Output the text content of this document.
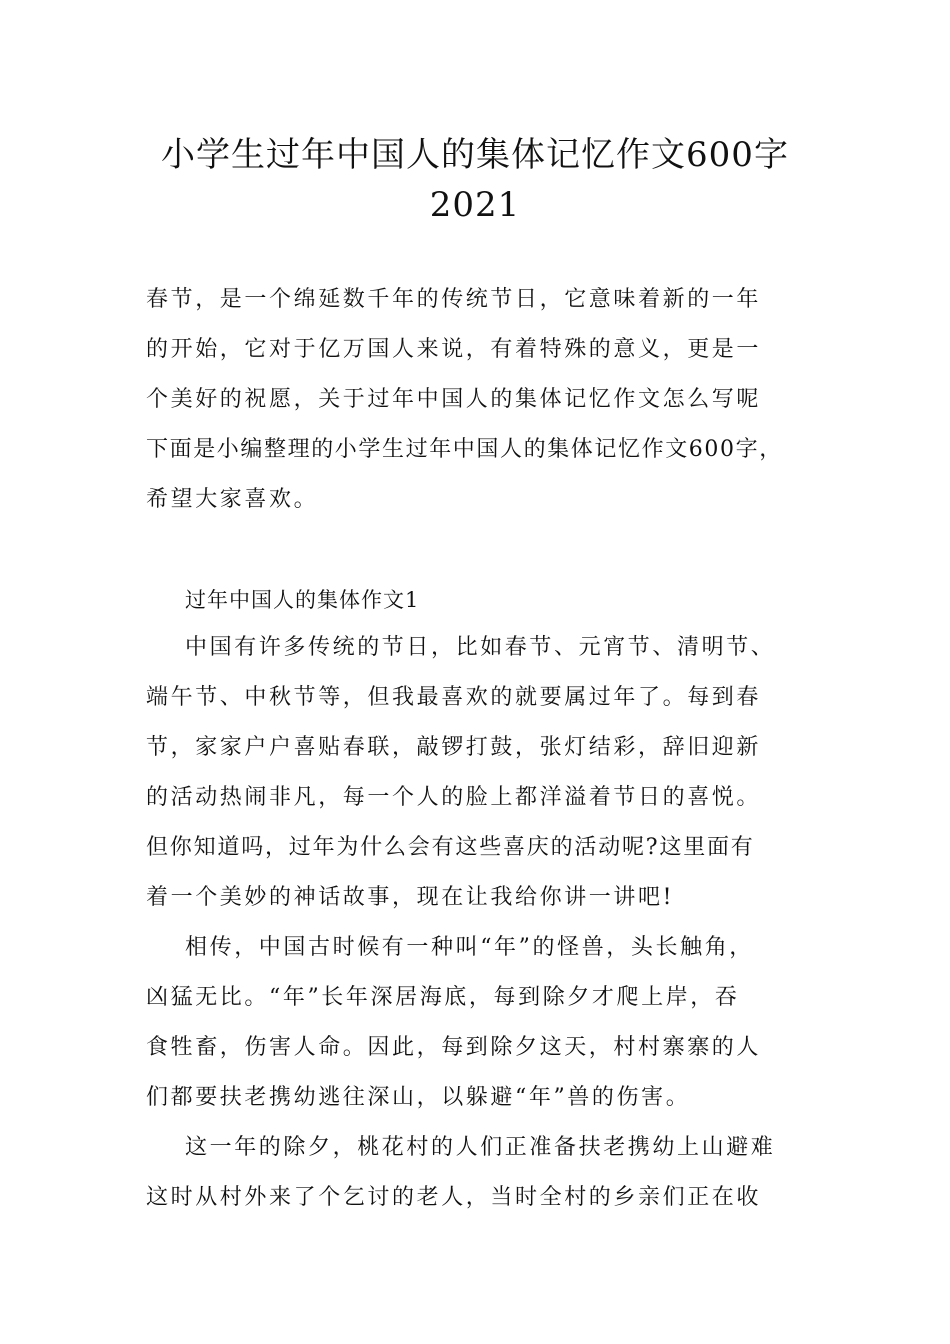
小学生过年中国人的集体记忆作文600字
2021

春节，是一个绵延数千年的传统节日，它意味着新的一年

的开始，它对于亿万国人来说，有着特殊的意义，更是一

个美好的祝愿，关于过年中国人的集体记忆作文怎么写呢

下面是小编整理的小学生过年中国人的集体记忆作文600字，

希望大家喜欢。

过年中国人的集体作文1

中国有许多传统的节日，比如春节、元宵节、清明节、

端午节、中秋节等，但我最喜欢的就要属过年了。每到春

节，家家户户喜贴春联，敲锣打鼓，张灯结彩，辞旧迎新

的活动热闹非凡，每一个人的脸上都洋溢着节日的喜悦。

但你知道吗，过年为什么会有这些喜庆的活动呢?这里面有

着一个美妙的神话故事，现在让我给你讲一讲吧!

相传，中国古时候有一种叫“年”的怪兽，头长触角，

凶猛无比。“年”长年深居海底，每到除夕才爬上岸，吞

食牲畜，伤害人命。因此，每到除夕这天，村村寨寨的人

们都要扶老携幼逃往深山，以躲避“年”兽的伤害。

这一年的除夕，桃花村的人们正准备扶老携幼上山避难

这时从村外来了个乞讨的老人，当时全村的乡亲们正在收
